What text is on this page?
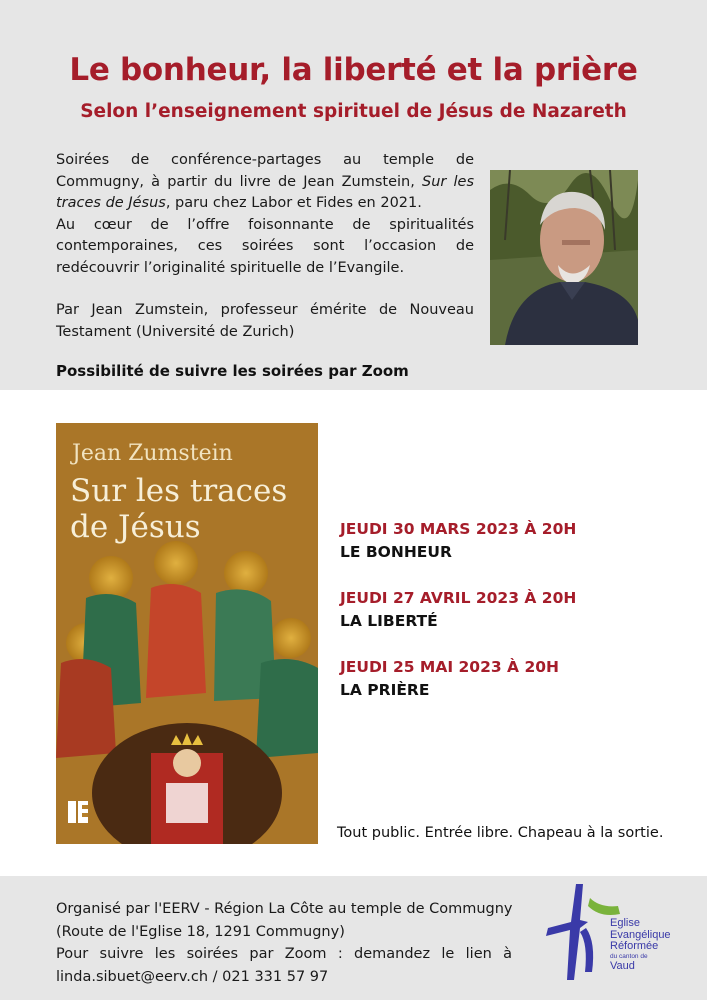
Le bonheur, la liberté et la prière
Selon l’enseignement spirituel de Jésus de Nazareth

Soirées de conférence-partages au temple de Commugny, à partir du livre de Jean Zumstein, Sur les traces de Jésus, paru chez Labor et Fides en 2021.

Au cœur de l’offre foisonnante de spiritualités contemporaines, ces soirées sont l’occasion de redécouvrir l’originalité spirituelle de l’Evangile.

Par Jean Zumstein, professeur émérite de Nouveau Testament (Université de Zurich)

Possibilité de suivre les soirées par Zoom
Jean Zumstein
Sur les traces
de Jésus	JEUDI 30 MARS 2023 À 20H
LE BONHEUR
JEUDI 27 AVRIL 2023 À 20H
LA LIBERTÉ
JEUDI 25 MAI 2023 À 20H
LA PRIÈRE
Tout public. Entrée libre. Chapeau à la sortie.

Organisé par l'EERV - Région La Côte au temple de Commugny

(Route de l'Eglise 18, 1291 Commugny)

Pour suivre les soirées par Zoom : demandez le lien à linda.sibuet@eerv.ch / 021 331 57 97

Eglise
Evangélique
Réformée
du canton de
Vaud
